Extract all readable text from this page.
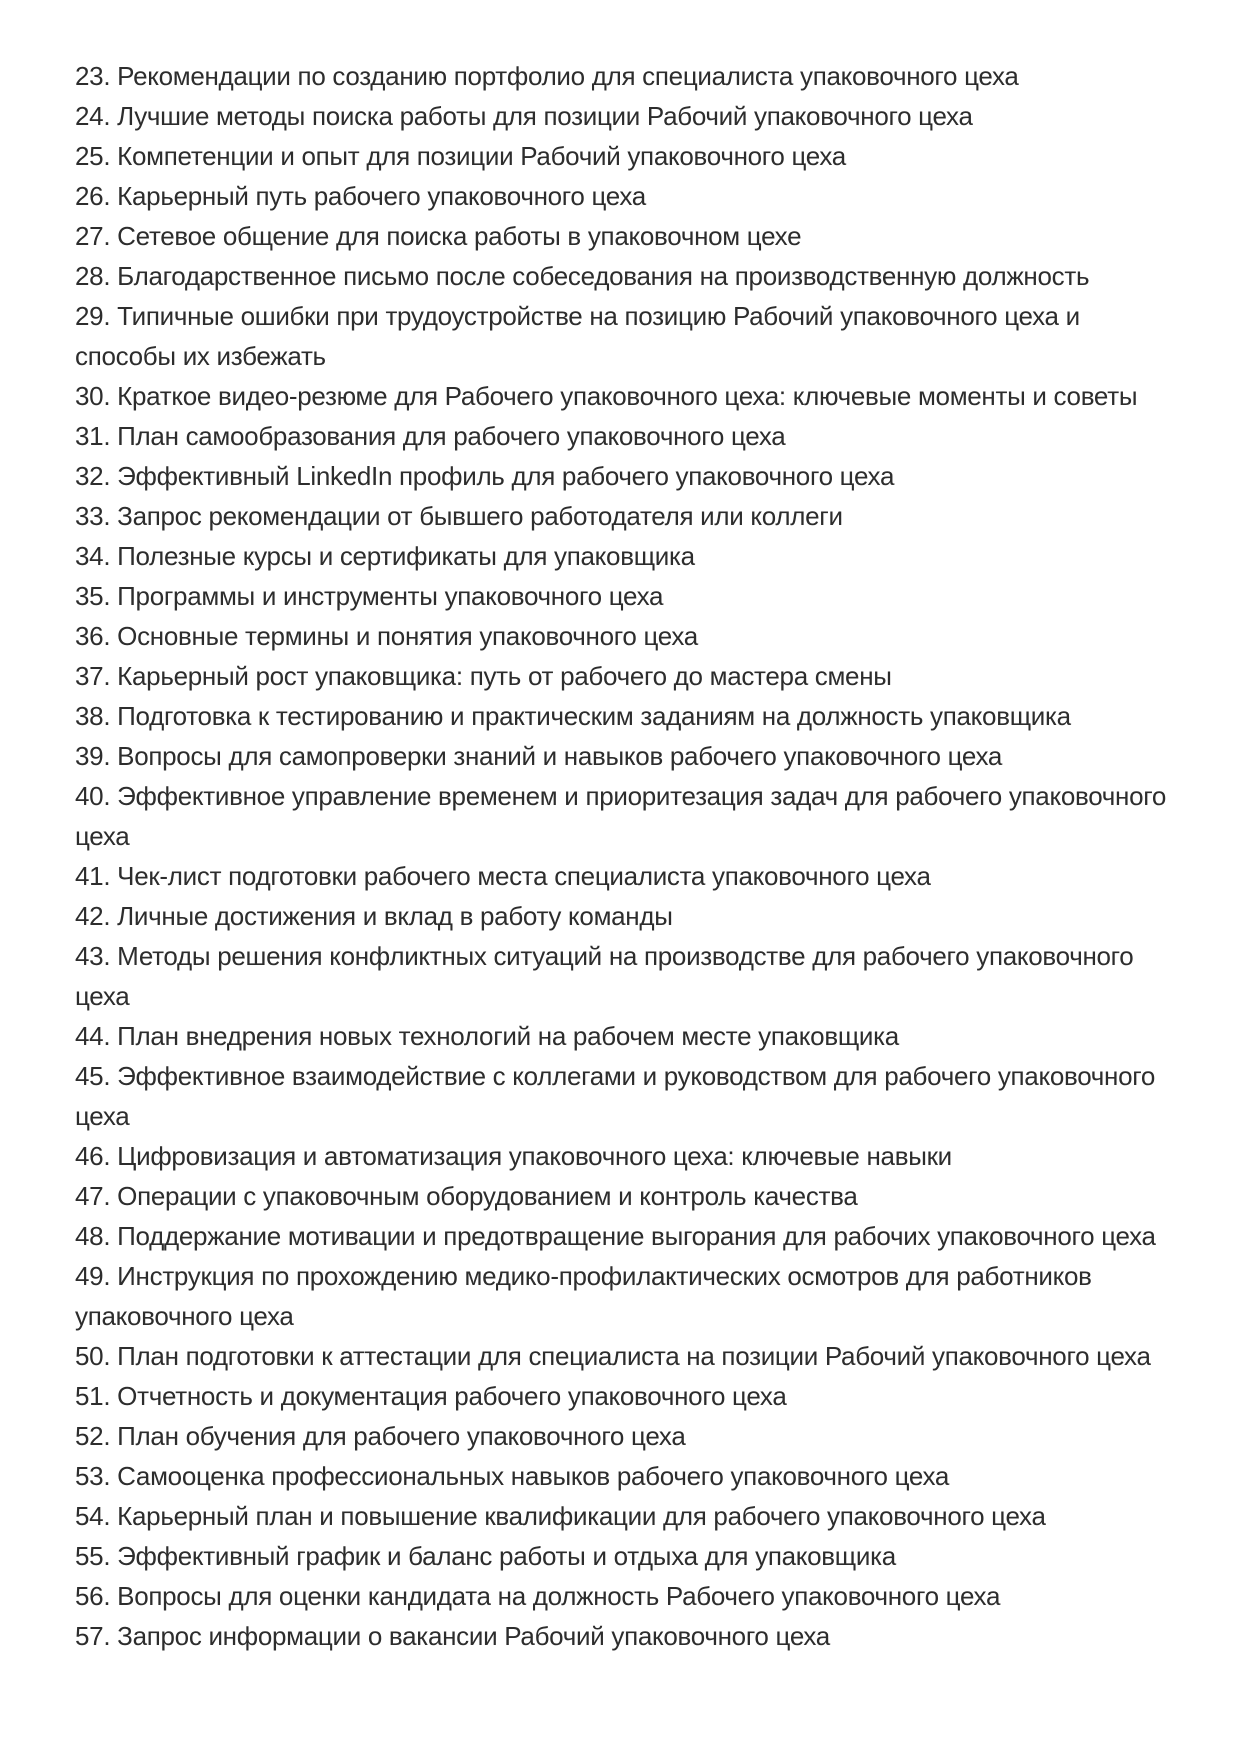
23. Рекомендации по созданию портфолио для специалиста упаковочного цеха

24. Лучшие методы поиска работы для позиции Рабочий упаковочного цеха

25. Компетенции и опыт для позиции Рабочий упаковочного цеха

26. Карьерный путь рабочего упаковочного цеха

27. Сетевое общение для поиска работы в упаковочном цехе

28. Благодарственное письмо после собеседования на производственную должность

29. Типичные ошибки при трудоустройстве на позицию Рабочий упаковочного цеха и способы их избежать

30. Краткое видео-резюме для Рабочего упаковочного цеха: ключевые моменты и советы

31. План самообразования для рабочего упаковочного цеха

32. Эффективный LinkedIn профиль для рабочего упаковочного цеха

33. Запрос рекомендации от бывшего работодателя или коллеги

34. Полезные курсы и сертификаты для упаковщика

35. Программы и инструменты упаковочного цеха

36. Основные термины и понятия упаковочного цеха

37. Карьерный рост упаковщика: путь от рабочего до мастера смены

38. Подготовка к тестированию и практическим заданиям на должность упаковщика

39. Вопросы для самопроверки знаний и навыков рабочего упаковочного цеха

40. Эффективное управление временем и приоритезация задач для рабочего упаковочного цеха

41. Чек-лист подготовки рабочего места специалиста упаковочного цеха

42. Личные достижения и вклад в работу команды

43. Методы решения конфликтных ситуаций на производстве для рабочего упаковочного цеха

44. План внедрения новых технологий на рабочем месте упаковщика

45. Эффективное взаимодействие с коллегами и руководством для рабочего упаковочного цеха

46. Цифровизация и автоматизация упаковочного цеха: ключевые навыки

47. Операции с упаковочным оборудованием и контроль качества

48. Поддержание мотивации и предотвращение выгорания для рабочих упаковочного цеха

49. Инструкция по прохождению медико-профилактических осмотров для работников упаковочного цеха

50. План подготовки к аттестации для специалиста на позиции Рабочий упаковочного цеха

51. Отчетность и документация рабочего упаковочного цеха

52. План обучения для рабочего упаковочного цеха

53. Самооценка профессиональных навыков рабочего упаковочного цеха

54. Карьерный план и повышение квалификации для рабочего упаковочного цеха

55. Эффективный график и баланс работы и отдыха для упаковщика

56. Вопросы для оценки кандидата на должность Рабочего упаковочного цеха

57. Запрос информации о вакансии Рабочий упаковочного цеха
